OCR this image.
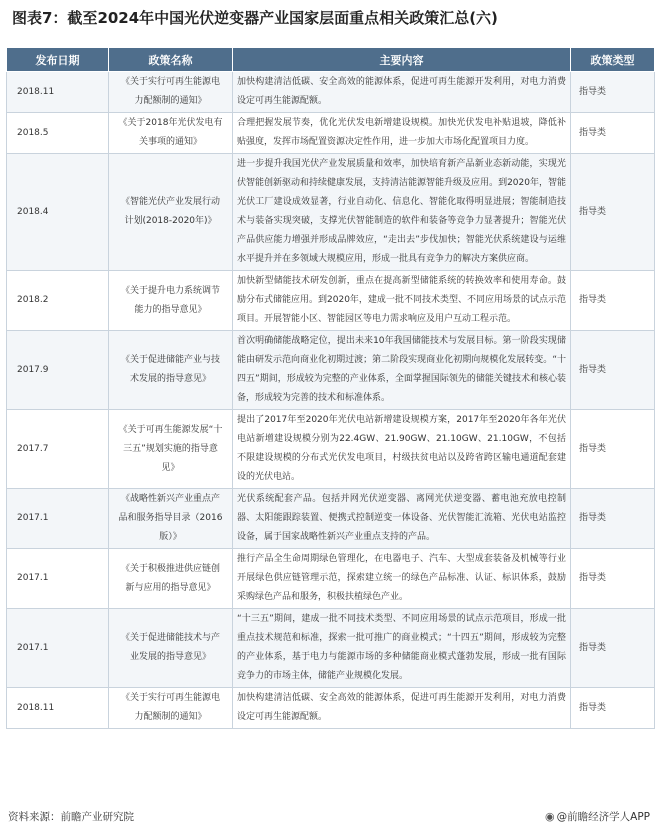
图表7：截至2024年中国光伏逆变器产业国家层面重点相关政策汇总(六)
发布日期	政策名称	主要内容	政策类型
2018.11	《关于实行可再生能源电力配额制的通知》	加快构建清洁低碳、安全高效的能源体系，促进可再生能源开发利用，对电力消费设定可再生能源配额。	指导类
2018.5	《关于2018年光伏发电有关事项的通知》	合理把握发展节奏，优化光伏发电新增建设规模。加快光伏发电补贴退坡，降低补贴强度，发挥市场配置资源决定性作用，进一步加大市场化配置项目力度。	指导类
2018.4	《智能光伏产业发展行动计划(2018-2020年)》	进一步提升我国光伏产业发展质量和效率，加快培育新产品新业态新动能，实现光伏智能创新驱动和持续健康发展，支持清洁能源智能升级及应用。到2020年，智能光伏工厂建设成效显著，行业自动化、信息化、智能化取得明显进展；智能制造技术与装备实现突破，支撑光伏智能制造的软件和装备等竞争力显著提升；智能光伏产品供应能力增强并形成品牌效应，“走出去”步伐加快；智能光伏系统建设与运维水平提升并在多领域大规模应用，形成一批具有竞争力的解决方案供应商。	指导类
2018.2	《关于提升电力系统调节能力的指导意见》	加快新型储能技术研发创新，重点在提高新型储能系统的转换效率和使用寿命。鼓励分布式储能应用。到2020年，建成一批不同技术类型、不同应用场景的试点示范项目。开展智能小区、智能园区等电力需求响应及用户互动工程示范。	指导类
2017.9	《关于促进储能产业与技术发展的指导意见》	首次明确储能战略定位，提出未来10年我国储能技术与发展目标。第一阶段实现储能由研发示范向商业化初期过渡；第二阶段实现商业化初期向规模化发展转变。“十四五”期间，形成较为完整的产业体系，全面掌握国际领先的储能关键技术和核心装备，形成较为完善的技术和标准体系。	指导类
2017.7	《关于可再生能源发展“十三五”规划实施的指导意见》	提出了2017年至2020年光伏电站新增建设规模方案，2017年至2020年各年光伏电站新增建设规模分别为22.4GW、21.90GW、21.10GW、21.10GW，不包括不限建设规模的分布式光伏发电项目，村级扶贫电站以及跨省跨区输电通道配套建设的光伏电站。	指导类
2017.1	《战略性新兴产业重点产品和服务指导目录（2016版）》	光伏系统配套产品。包括并网光伏逆变器、离网光伏逆变器、蓄电池充放电控制器、太阳能跟踪装置、便携式控制逆变一体设备、光伏智能汇流箱、光伏电站监控设备，属于国家战略性新兴产业重点支持的产品。	指导类
2017.1	《关于积极推进供应链创新与应用的指导意见》	推行产品全生命周期绿色管理化，在电器电子、汽车、大型成套装备及机械等行业开展绿色供应链管理示范，探索建立统一的绿色产品标准、认证、标识体系，鼓励采购绿色产品和服务，积极扶植绿色产业。	指导类
2017.1	《关于促进储能技术与产业发展的指导意见》	“十三五”期间，建成一批不同技术类型、不同应用场景的试点示范项目，形成一批重点技术规范和标准，探索一批可推广的商业模式；“十四五”期间，形成较为完整的产业体系，基于电力与能源市场的多种储能商业模式蓬勃发展，形成一批有国际竞争力的市场主体，储能产业规模化发展。	指导类
2018.11	《关于实行可再生能源电力配额制的通知》	加快构建清洁低碳、安全高效的能源体系，促进可再生能源开发利用，对电力消费设定可再生能源配额。	指导类
资料来源：前瞻产业研究院	◉ @前瞻经济学人APP
